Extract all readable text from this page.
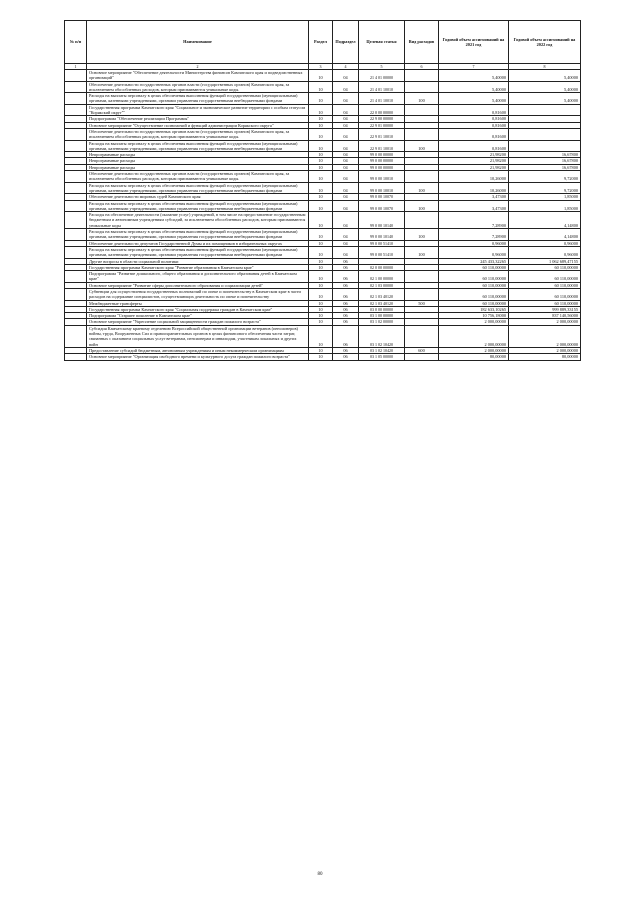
№ п/п	Наименование	Раздел	Подраздел	Целевая статья	Вид расходов	Годовой объем ассигнований на 2021 год	Годовой объем ассигнований на 2022 год
1	2	3	4	5	6	7	8
	Основное мероприятие "Обеспечение деятельности Министерства финансов Камчатского края и подведомственных организаций"	10	04	21 4 01 00000		5,40000	5,40000
	Обеспечение деятельности государственных органов власти (государственных органов) Камчатского края, за исключением обособленных расходов, которым присваиваются уникальные коды.	10	04	21 4 01 10010		5,40000	5,40000
	Расходы на выплаты персоналу в целях обеспечения выполнения функций государственными (муниципальными) органами, казенными учреждениями, органами управления государственными внебюджетными фондами	10	04	21 4 01 10010	100	5,40000	5,40000
	Государственная программа Камчатского края "Социальное и экономическое развитие территории с особым статусом "Корякский округ""	10	04	22 0 00 00000		0,81600	
	Подпрограмма "Обеспечение реализации Программы"	10	04	22 9 00 00000		0,81600	
	Основное мероприятие "Осуществление полномочий и функций администрации Корякского округа"	10	04	22 9 01 00000		0,81600	
	Обеспечение деятельности государственных органов власти (государственных органов) Камчатского края, за исключением обособленных расходов, которым присваиваются уникальные коды.	10	04	22 9 01 10010		0,81600	
	Расходы на выплаты персоналу в целях обеспечения выполнения функций государственными (муниципальными) органами, казенными учреждениями, органами управления государственными внебюджетными фондами	10	04	22 9 01 10010	100	0,81600	
	Непрограммные расходы	10	04	99 0 00 00000		21,98200	16,67800
	Непрограммные расходы	10	04	99 0 00 00000		21,98200	16,67800
	Непрограммные расходы	10	04	99 0 00 00000		21,98200	16,67800
	Обеспечение деятельности государственных органов власти (государственных органов) Камчатского края, за исключением обособленных расходов, которым присваиваются уникальные коды.	10	04	99 0 00 10010		10,26000	9,72000
	Расходы на выплаты персоналу в целях обеспечения выполнения функций государственными (муниципальными) органами, казенными учреждениями, органами управления государственными внебюджетными фондами	10	04	99 0 00 10010	100	10,26000	9,72000
	Обеспечение деятельности мировых судей Камчатского края	10	04	99 0 00 10070		3,47300	1,85000
	Расходы на выплаты персоналу в целях обеспечения выполнения функций государственными (муниципальными) органами, казенными учреждениями, органами управления государственными внебюджетными фондами	10	04	99 0 00 10070	100	3,47300	1,85000
	Расходы на обеспечение деятельности (оказание услуг) учреждений, в том числе на предоставление государственным бюджетным и автономным учреждениям субсидий, за исключением обособленных расходов, которым присваиваются уникальные коды	10	04	99 0 00 10140		7,28900	4,14800
	Расходы на выплаты персоналу в целях обеспечения выполнения функций государственными (муниципальными) органами, казенными учреждениями, органами управления государственными внебюджетными фондами	10	04	99 0 00 10140	100	7,28900	4,14800
	Обеспечение деятельности депутатов Государственной Думы и их помощников в избирательных округах	10	04	99 0 00 51410		0,96000	0,96000
	Расходы на выплаты персоналу в целях обеспечения выполнения функций государственными (муниципальными) органами, казенными учреждениями, органами управления государственными внебюджетными фондами	10	04	99 0 00 51410	100	0,96000	0,96000
	Другие вопросы в области социальной политики	10	06			245 433,32265	1 062 689,47155
	Государственная программа Камчатского края "Развитие образования в Камчатском крае"	10	06	02 0 00 00000		60 110,00000	60 110,00000
	Подпрограмма "Развитие дошкольного, общего образования и дополнительного образования детей в Камчатском крае"	10	06	02 1 00 00000		60 110,00000	60 110,00000
	Основное мероприятие "Развитие сферы дополнительного образования и социализации детей"	10	06	02 1 03 00000		60 110,00000	60 110,00000
	Субвенции для осуществления государственных полномочий по опеке и попечительству в Камчатском крае в части расходов на содержание специалистов, осуществляющих деятельность по опеке и попечительству	10	06	02 1 03 40120		60 110,00000	60 110,00000
	Межбюджетные трансферты	10	06	02 1 03 40120	500	60 110,00000	60 110,00000
	Государственная программа Камчатского края "Социальная поддержка граждан в Камчатском крае"	10	06	03 0 00 00000		182 633,10265	999 889,33155
	Подпрограмма "Старшее поколение в Камчатском крае"	10	06	03 1 00 00000		10 756,18000	837 140,56000
	Основное мероприятие "Укрепление социальной защищенности граждан пожилого возраста"	10	06	03 1 02 00000		2 000,00000	2 000,00000
	Субсидия Камчатскому краевому отделению Всероссийской общественной организации ветеранов (пенсионеров) войны, труда, Вооруженных Сил и правоохранительных органов в целях финансового обеспечения части затрат, связанных с оказанием социальных услуг ветеранам, пенсионерам и инвалидам, участникам локальных и других войн	10	06	03 1 02 10420		2 000,00000	2 000,00000
	Предоставление субсидий бюджетным, автономным учреждениям и иным некоммерческим организациям	10	06	03 1 02 10420	600	2 000,00000	2 000,00000
	Основное мероприятие "Организация свободного времени и культурного досуга граждан пожилого возраста"	10	06	03 1 05 00000		80,00000	80,00000
80
